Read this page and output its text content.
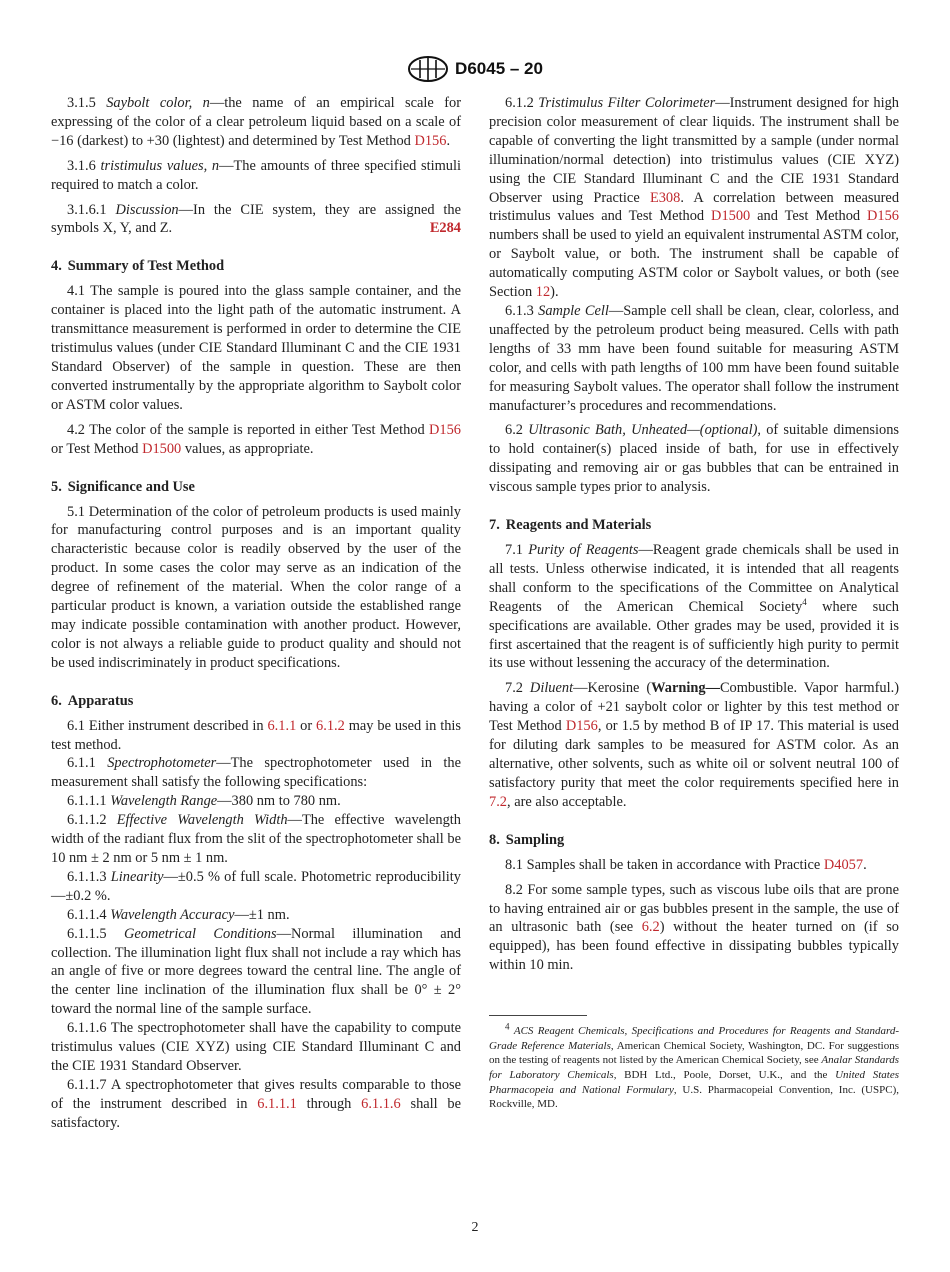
D6045 – 20

3.1.5 Saybolt color, n—the name of an empirical scale for expressing of the color of a clear petroleum liquid based on a scale of −16 (darkest) to +30 (lightest) and determined by Test Method D156.

3.1.6 tristimulus values, n—The amounts of three specified stimuli required to match a color.

3.1.6.1 Discussion—In the CIE system, they are assigned the symbols X, Y, and Z.	E284

4. Summary of Test Method

4.1 The sample is poured into the glass sample container, and the container is placed into the light path of the automatic instrument. A transmittance measurement is performed in order to determine the CIE tristimulus values (under CIE Standard Illuminant C and the CIE 1931 Standard Observer) of the sample in question. These are then converted instrumentally by the appropriate algorithm to Saybolt color or ASTM color values.

4.2 The color of the sample is reported in either Test Method D156 or Test Method D1500 values, as appropriate.

5. Significance and Use

5.1 Determination of the color of petroleum products is used mainly for manufacturing control purposes and is an important quality characteristic because color is readily observed by the user of the product. In some cases the color may serve as an indication of the degree of refinement of the material. When the color range of a particular product is known, a variation outside the established range may indicate possible contamination with another product. However, color is not always a reliable guide to product quality and should not be used indiscriminately in product specifications.

6. Apparatus

6.1 Either instrument described in 6.1.1 or 6.1.2 may be used in this test method.

6.1.1 Spectrophotometer—The spectrophotometer used in the measurement shall satisfy the following specifications:

6.1.1.1 Wavelength Range—380 nm to 780 nm.

6.1.1.2 Effective Wavelength Width—The effective wavelength width of the radiant flux from the slit of the spectrophotometer shall be 10 nm ± 2 nm or 5 nm ± 1 nm.

6.1.1.3 Linearity—±0.5 % of full scale. Photometric reproducibility—±0.2 %.

6.1.1.4 Wavelength Accuracy—±1 nm.

6.1.1.5 Geometrical Conditions—Normal illumination and collection. The illumination light flux shall not include a ray which has an angle of five or more degrees toward the central line. The angle of the center line inclination of the illumination flux shall be 0° ± 2° toward the normal line of the sample surface.

6.1.1.6 The spectrophotometer shall have the capability to compute tristimulus values (CIE XYZ) using CIE Standard Illuminant C and the CIE 1931 Standard Observer.

6.1.1.7 A spectrophotometer that gives results comparable to those of the instrument described in 6.1.1.1 through 6.1.1.6 shall be satisfactory.

6.1.2 Tristimulus Filter Colorimeter—Instrument designed for high precision color measurement of clear liquids. The instrument shall be capable of converting the light transmitted by a sample (under normal illumination/normal detection) into tristimulus values (CIE XYZ) using the CIE Standard Illuminant C and the CIE 1931 Standard Observer using Practice E308. A correlation between measured tristimulus values and Test Method D1500 and Test Method D156 numbers shall be used to yield an equivalent instrumental ASTM color, or Saybolt value, or both. The instrument shall be capable of automatically computing ASTM color or Saybolt values, or both (see Section 12).

6.1.3 Sample Cell—Sample cell shall be clean, clear, colorless, and unaffected by the petroleum product being measured. Cells with path lengths of 33 mm have been found suitable for measuring ASTM color, and cells with path lengths of 100 mm have been found suitable for measuring Saybolt values. The operator shall follow the instrument manufacturer’s procedures and recommendations.

6.2 Ultrasonic Bath, Unheated—(optional), of suitable dimensions to hold container(s) placed inside of bath, for use in effectively dissipating and removing air or gas bubbles that can be entrained in viscous sample types prior to analysis.

7. Reagents and Materials

7.1 Purity of Reagents—Reagent grade chemicals shall be used in all tests. Unless otherwise indicated, it is intended that all reagents shall conform to the specifications of the Committee on Analytical Reagents of the American Chemical Society$^4$ where such specifications are available. Other grades may be used, provided it is first ascertained that the reagent is of sufficiently high purity to permit its use without lessening the accuracy of the determination.

7.2 Diluent—Kerosine (Warning—Combustible. Vapor harmful.) having a color of +21 saybolt color or lighter by this test method or Test Method D156, or 1.5 by method B of IP 17. This material is used for diluting dark samples to be measured for ASTM color. As an alternative, other solvents, such as white oil or solvent neutral 100 of satisfactory purity that meet the color requirements specified here in 7.2, are also acceptable.

8. Sampling

8.1 Samples shall be taken in accordance with Practice D4057.

8.2 For some sample types, such as viscous lube oils that are prone to having entrained air or gas bubbles present in the sample, the use of an ultrasonic bath (see 6.2) without the heater turned on (if so equipped), has been found effective in dissipating bubbles typically within 10 min.

$^4$ ACS Reagent Chemicals, Specifications and Procedures for Reagents and Standard-Grade Reference Materials, American Chemical Society, Washington, DC. For suggestions on the testing of reagents not listed by the American Chemical Society, see Analar Standards for Laboratory Chemicals, BDH Ltd., Poole, Dorset, U.K., and the United States Pharmacopeia and National Formulary, U.S. Pharmacopeial Convention, Inc. (USPC), Rockville, MD.

2
